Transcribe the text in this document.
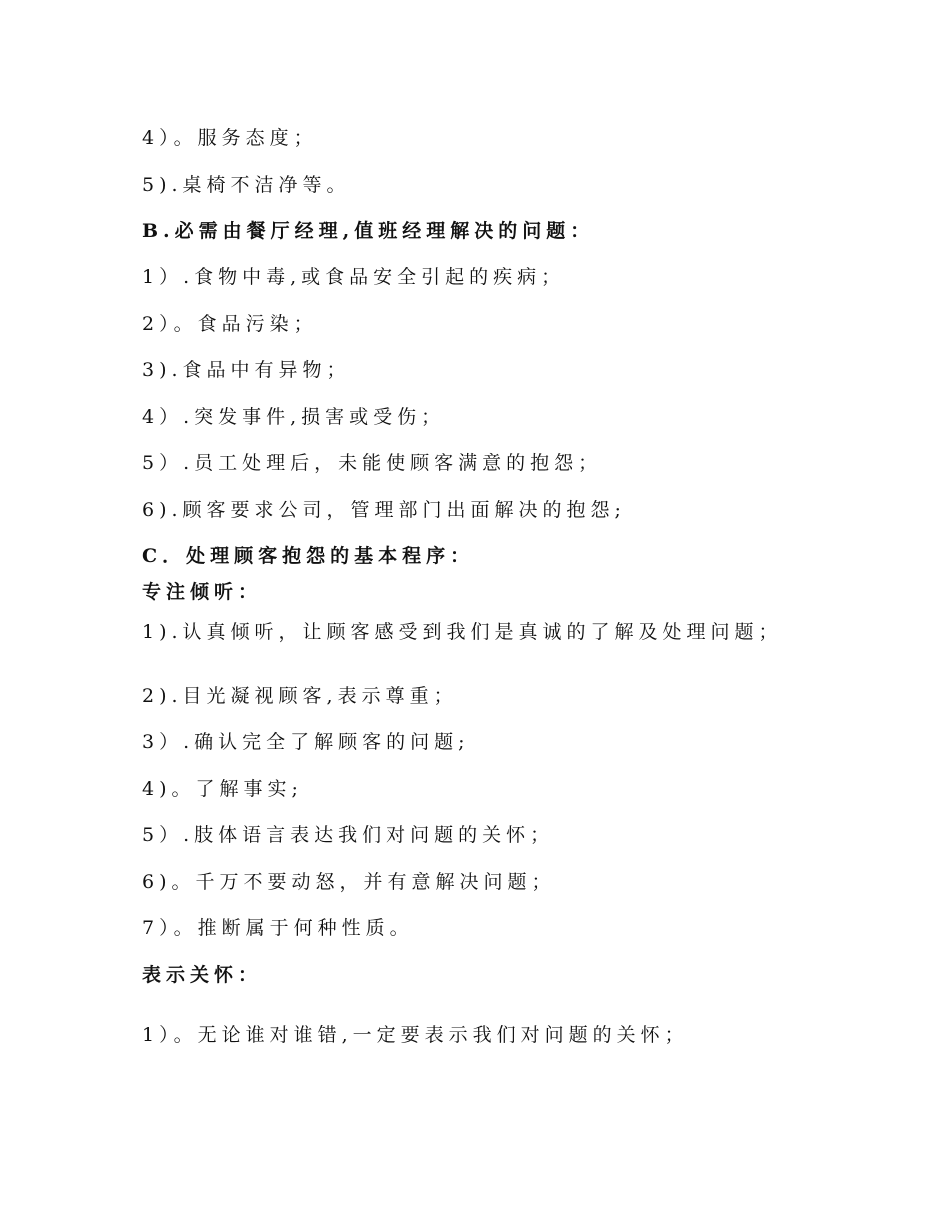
4）。服务态度；
5).桌椅不洁净等。
B.必需由餐厅经理,值班经理解决的问题：
1）.食物中毒,或食品安全引起的疾病；
2）。食品污染；
3).食品中有异物；
4）.突发事件,损害或受伤；
5）.员工处理后，未能使顾客满意的抱怨；
6).顾客要求公司，管理部门出面解决的抱怨;
C．处理顾客抱怨的基本程序：
专注倾听：
1).认真倾听，让顾客感受到我们是真诚的了解及处理问题；
2).目光凝视顾客,表示尊重；
3）.确认完全了解顾客的问题;
4)。了解事实;
5）.肢体语言表达我们对问题的关怀；
6)。千万不要动怒，并有意解决问题；
7）。推断属于何种性质。
表示关怀：
1）。无论谁对谁错,一定要表示我们对问题的关怀；
